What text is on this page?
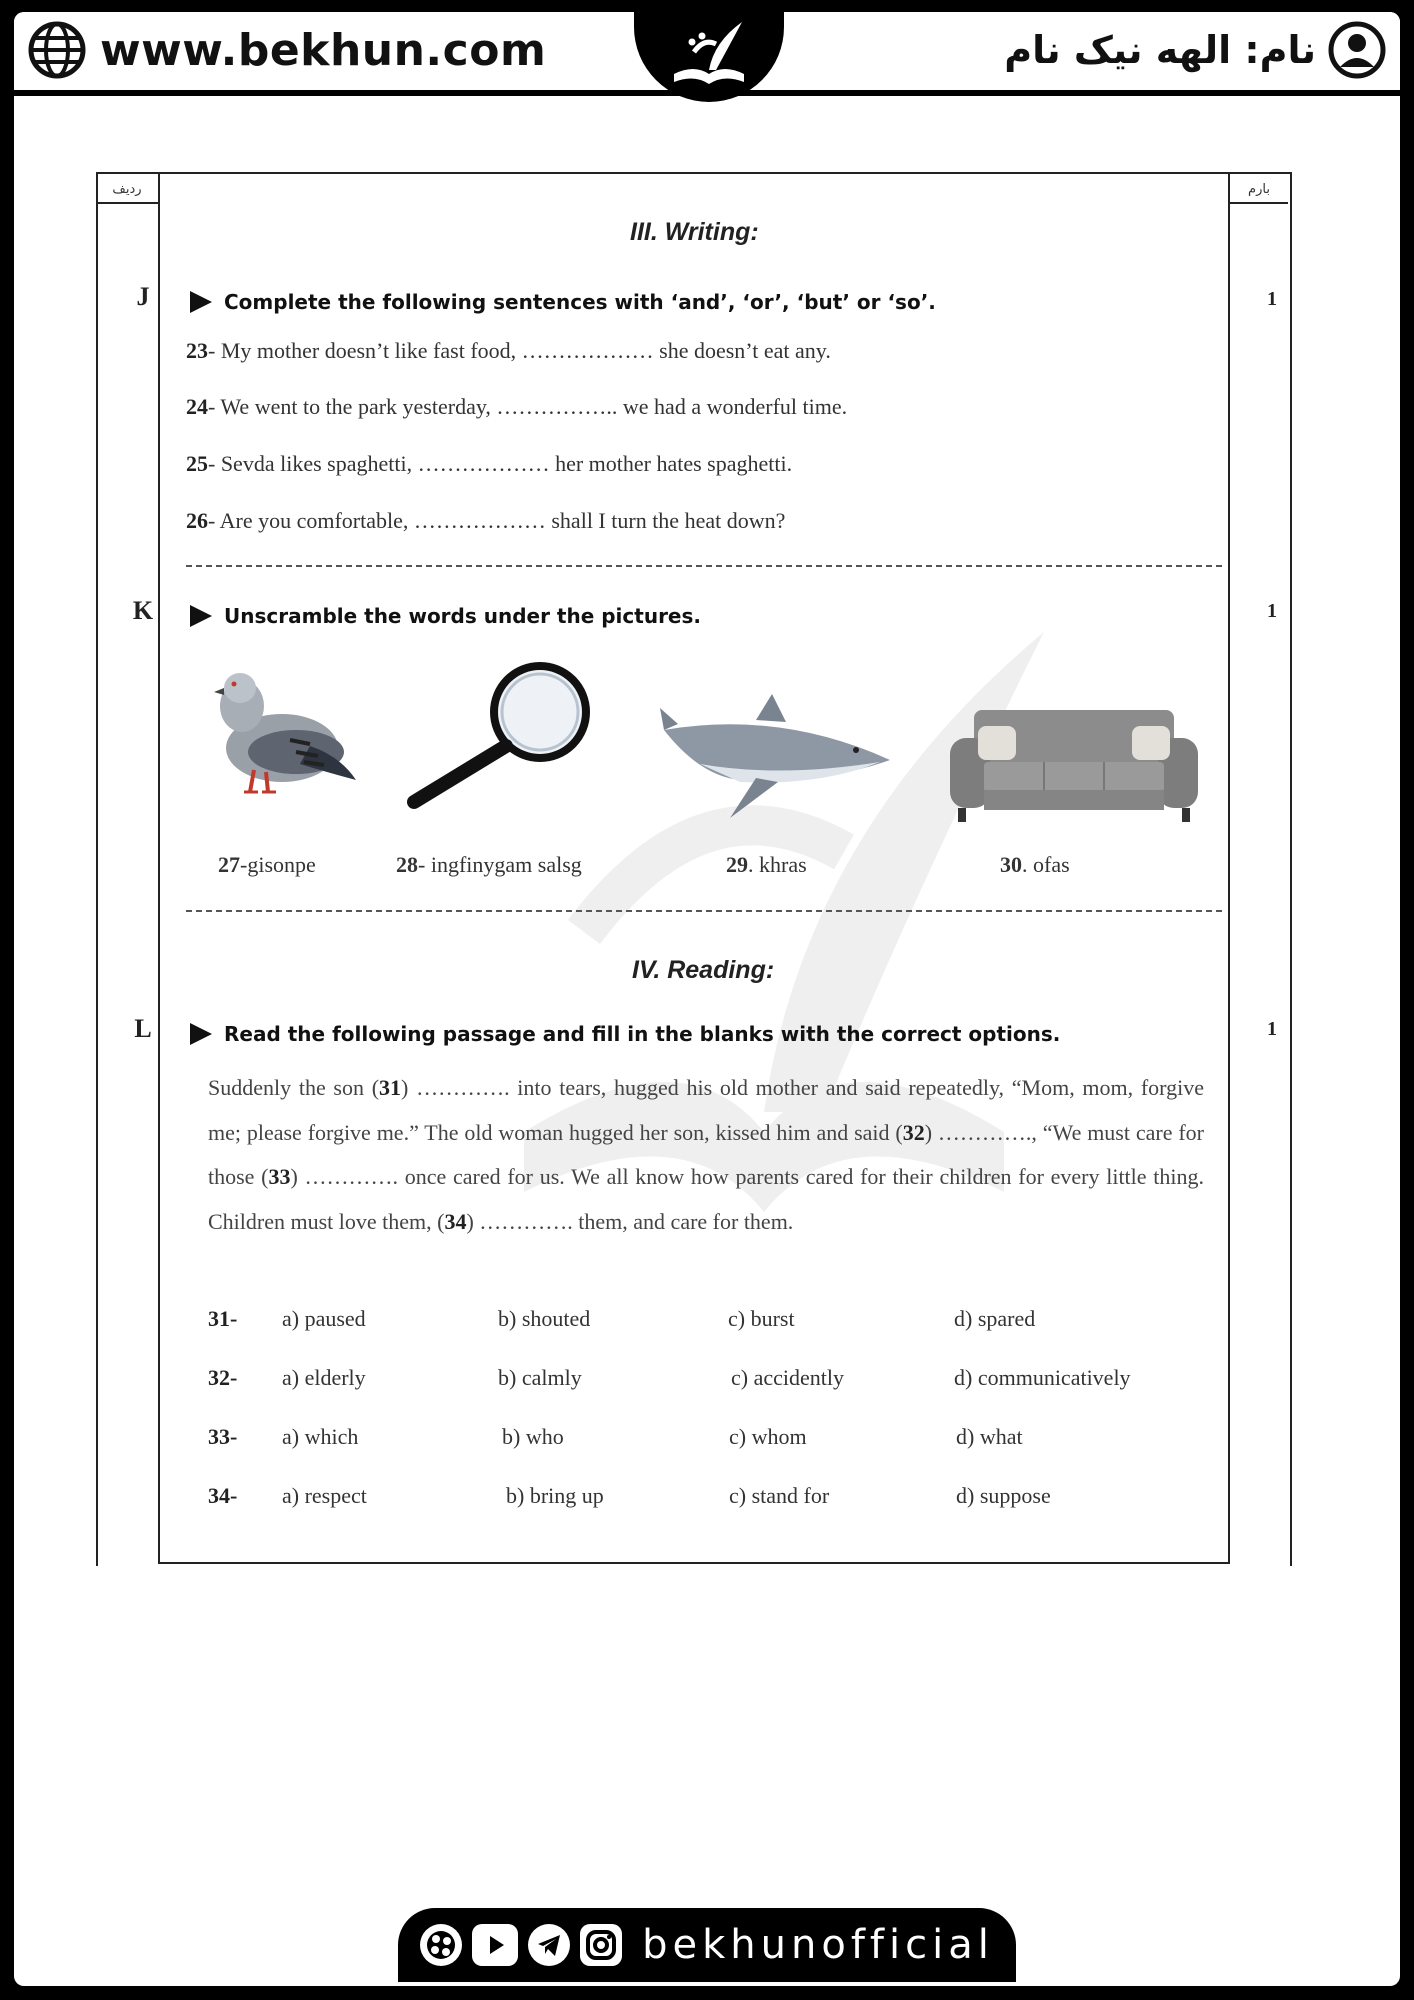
www.bekhun.com	نام: الهه نیک نام
ردیف	بارم
III. Writing:
J	1
Complete the following sentences with ‘and’, ‘or’, ‘but’ or ‘so’.
23- My mother doesn’t like fast food, ……………… she doesn’t eat any.
24- We went to the park yesterday, …………….. we had a wonderful time.
25- Sevda likes spaghetti, ……………… her mother hates spaghetti.
26- Are you comfortable, ……………… shall I turn the heat down?
K	1
Unscramble the words under the pictures.
27-gisonpe	28- ingfinygam salsg	29. khras	30. ofas
IV. Reading:
L	1
Read the following passage and fill in the blanks with the correct options.
Suddenly the son (31) …………. into tears, hugged his old mother and said repeatedly, “Mom, mom, forgive me; please forgive me.” The old woman hugged her son, kissed him and said (32) …………., “We must care for those (33) …………. once cared for us. We all know how parents cared for their children for every little thing. Children must love them, (34) …………. them, and care for them.
31- a) paused	b) shouted	c) burst	d) spared
32- a) elderly	b) calmly	c) accidently	d) communicatively
33- a) which	b) who	c) whom	d) what
34- a) respect	b) bring up	c) stand for	d) suppose
bekhunofficial
